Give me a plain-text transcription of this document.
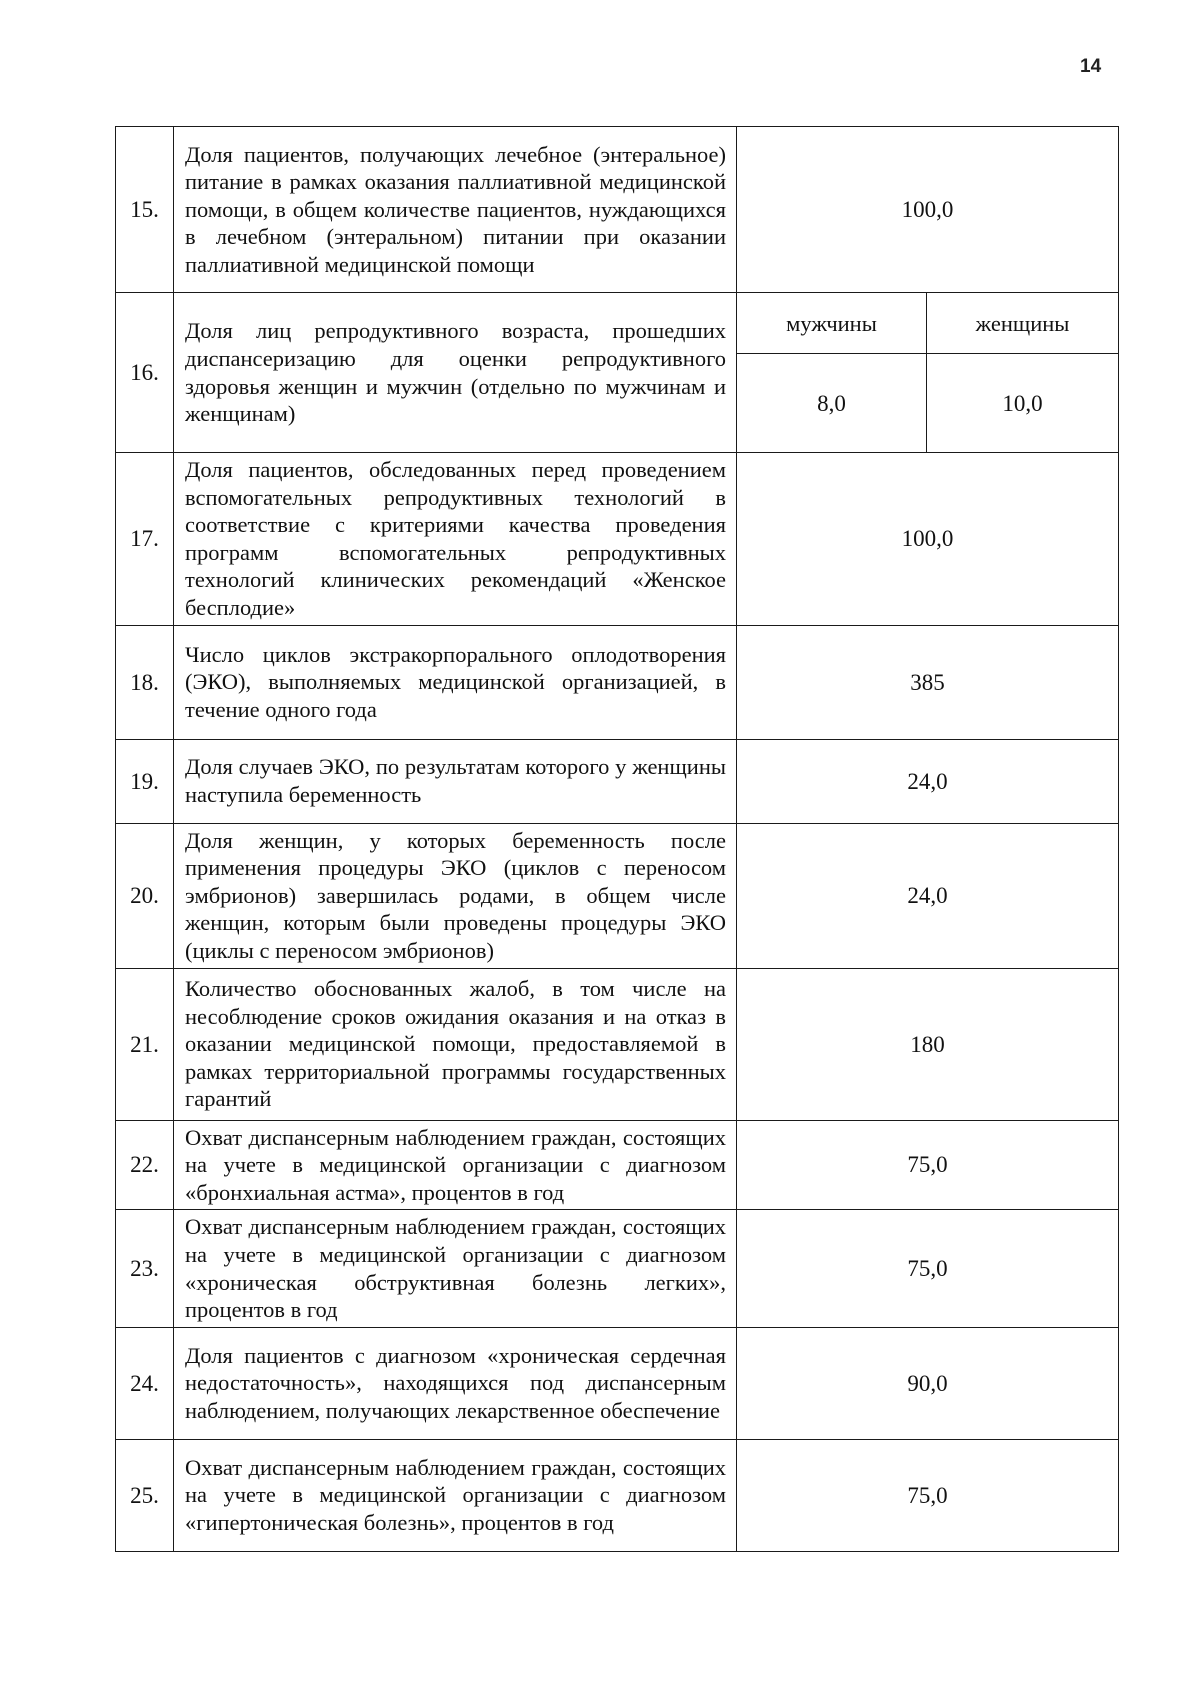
14
15.	Доля пациентов, получающих лечебное (энтеральное) питание в рамках оказания паллиативной медицинской помощи, в общем количестве пациентов, нуждающихся в лечебном (энтеральном) питании при оказании паллиативной медицинской помощи	100,0	
16.	Доля лиц репродуктивного возраста, прошедших диспансеризацию для оценки репродуктивного здоровья женщин и мужчин (отдельно по мужчинам и женщинам)	мужчины	женщины
		8,0	10,0
17.	Доля пациентов, обследованных перед проведением вспомогательных репродуктивных технологий в соответствие с критериями качества проведения программ вспомогательных репродуктивных технологий клинических рекомендаций «Женское бесплодие»	100,0	
18.	Число циклов экстракорпорального оплодотворения (ЭКО), выполняемых медицинской организацией, в течение одного года	385	
19.	Доля случаев ЭКО, по результатам которого у женщины наступила беременность	24,0	
20.	Доля женщин, у которых беременность после применения процедуры ЭКО (циклов с переносом эмбрионов) завершилась родами, в общем числе женщин, которым были проведены процедуры ЭКО (циклы с переносом эмбрионов)	24,0	
21.	Количество обоснованных жалоб, в том числе на несоблюдение сроков ожидания оказания и на отказ в оказании медицинской помощи, предоставляемой в рамках территориальной программы государственных гарантий	180	
22.	Охват диспансерным наблюдением граждан, состоящих на учете в медицинской организации с диагнозом «бронхиальная астма», процентов в год	75,0	
23.	Охват диспансерным наблюдением граждан, состоящих на учете в медицинской организации с диагнозом «хроническая обструктивная болезнь легких», процентов в год	75,0	
24.	Доля пациентов с диагнозом «хроническая сердечная недостаточность», находящихся под диспансерным наблюдением, получающих лекарственное обеспечение	90,0	
25.	Охват диспансерным наблюдением граждан, состоящих на учете в медицинской организации с диагнозом «гипертоническая болезнь», процентов в год	75,0	
